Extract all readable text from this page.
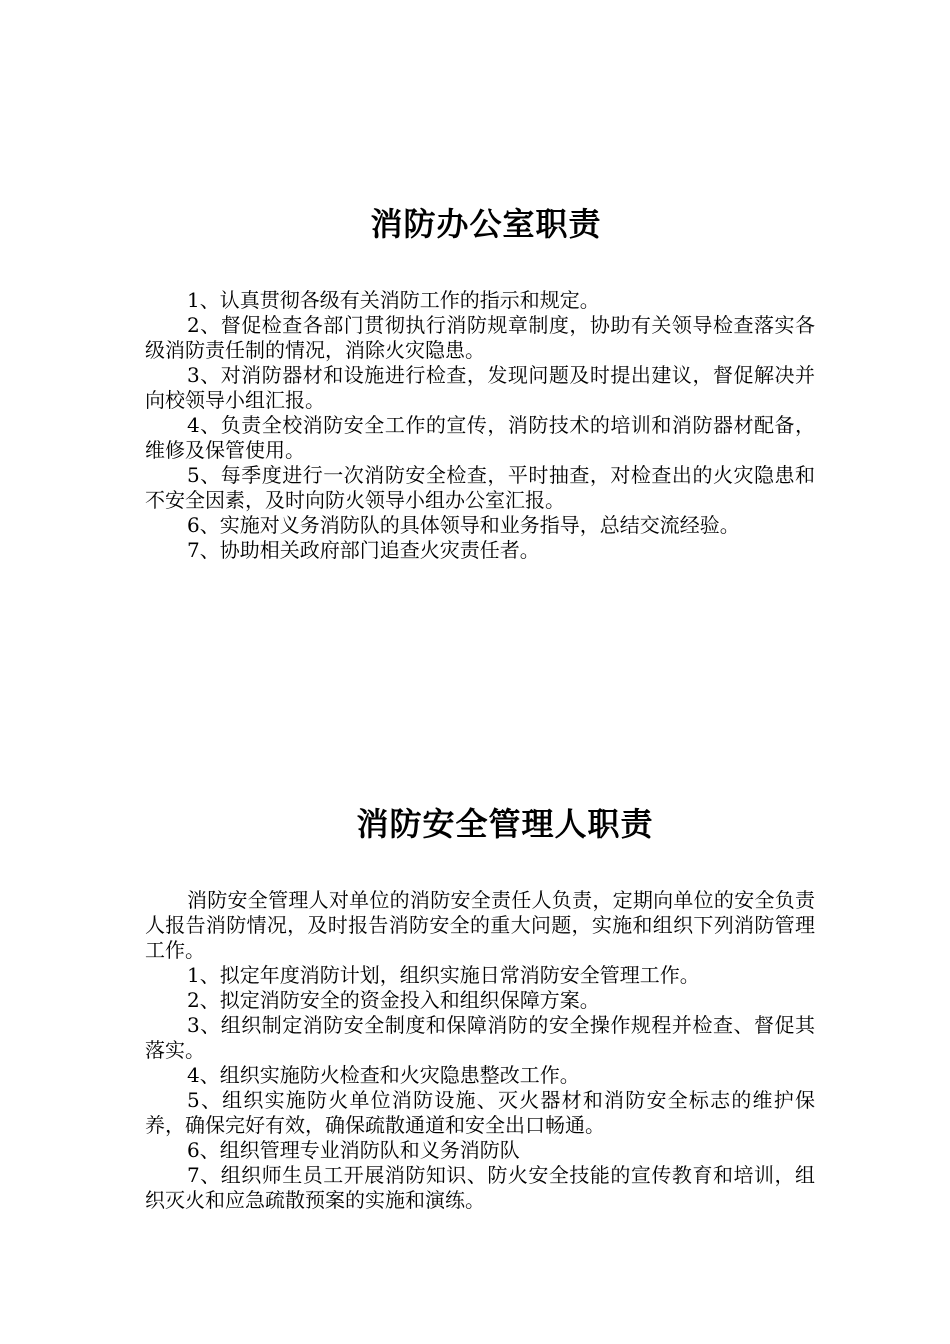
消防办公室职责

1、认真贯彻各级有关消防工作的指示和规定。

2、督促检查各部门贯彻执行消防规章制度，协助有关领导检查落实各级消防责任制的情况，消除火灾隐患。

3、对消防器材和设施进行检查，发现问题及时提出建议，督促解决并向校领导小组汇报。

4、负责全校消防安全工作的宣传，消防技术的培训和消防器材配备，维修及保管使用。

5、每季度进行一次消防安全检查，平时抽查，对检查出的火灾隐患和不安全因素，及时向防火领导小组办公室汇报。

6、实施对义务消防队的具体领导和业务指导，总结交流经验。

7、协助相关政府部门追查火灾责任者。

消防安全管理人职责

消防安全管理人对单位的消防安全责任人负责，定期向单位的安全负责人报告消防情况，及时报告消防安全的重大问题，实施和组织下列消防管理工作。

1、拟定年度消防计划，组织实施日常消防安全管理工作。

2、拟定消防安全的资金投入和组织保障方案。

3、组织制定消防安全制度和保障消防的安全操作规程并检查、督促其落实。

4、组织实施防火检查和火灾隐患整改工作。

5、组织实施防火单位消防设施、灭火器材和消防安全标志的维护保养，确保完好有效，确保疏散通道和安全出口畅通。

6、组织管理专业消防队和义务消防队

7、组织师生员工开展消防知识、防火安全技能的宣传教育和培训，组织灭火和应急疏散预案的实施和演练。
